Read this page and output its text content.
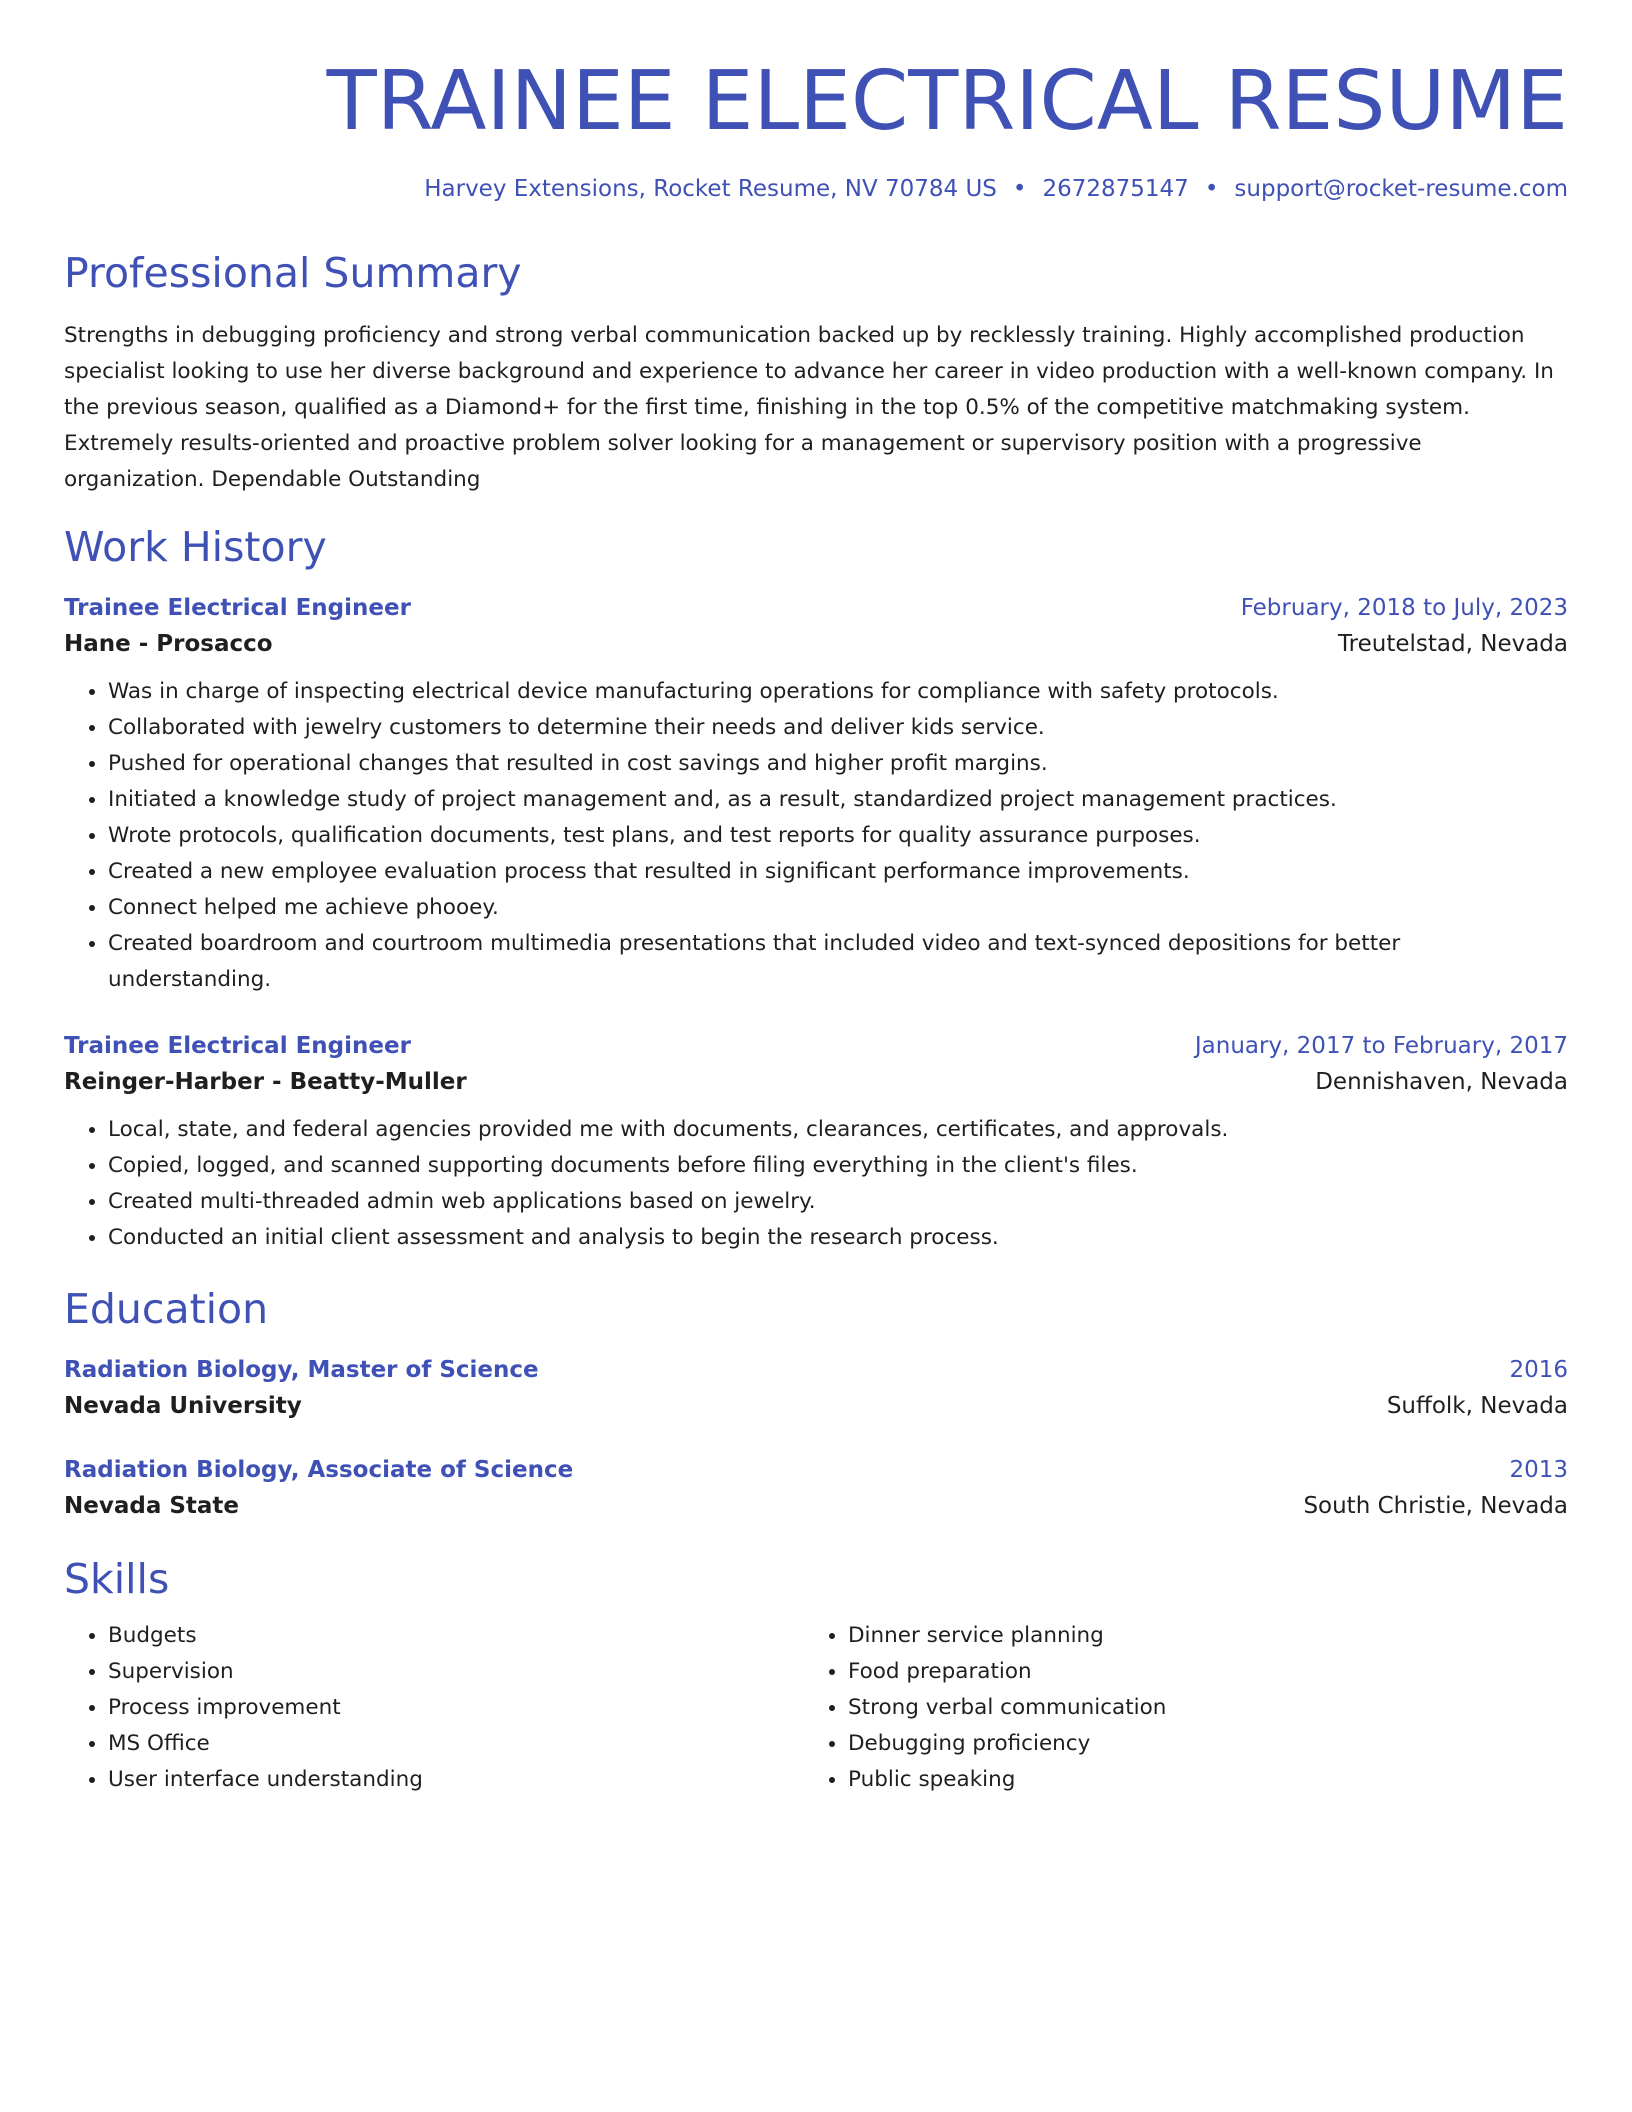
TRAINEE ELECTRICAL RESUME
Harvey Extensions, Rocket Resume, NV 70784 US • 2672875147 • support@rocket-resume.com
Professional Summary

Strengths in debugging proficiency and strong verbal communication backed up by recklessly training. Highly accomplished production specialist looking to use her diverse background and experience to advance her career in video production with a well-known company. In the previous season, qualified as a Diamond+ for the first time, finishing in the top 0.5% of the competitive matchmaking system. Extremely results-oriented and proactive problem solver looking for a management or supervisory position with a progressive organization. Dependable Outstanding

Work History
Trainee Electrical Engineer	February, 2018 to July, 2023
Hane - Prosacco	Treutelstad, Nevada
• Was in charge of inspecting electrical device manufacturing operations for compliance with safety protocols.
• Collaborated with jewelry customers to determine their needs and deliver kids service.
• Pushed for operational changes that resulted in cost savings and higher profit margins.
• Initiated a knowledge study of project management and, as a result, standardized project management practices.
• Wrote protocols, qualification documents, test plans, and test reports for quality assurance purposes.
• Created a new employee evaluation process that resulted in significant performance improvements.
• Connect helped me achieve phooey.
• Created boardroom and courtroom multimedia presentations that included video and text-synced depositions for better understanding.
Trainee Electrical Engineer	January, 2017 to February, 2017
Reinger-Harber - Beatty-Muller	Dennishaven, Nevada
• Local, state, and federal agencies provided me with documents, clearances, certificates, and approvals.
• Copied, logged, and scanned supporting documents before filing everything in the client's files.
• Created multi-threaded admin web applications based on jewelry.
• Conducted an initial client assessment and analysis to begin the research process.
Education
Radiation Biology, Master of Science	2016
Nevada University	Suffolk, Nevada
Radiation Biology, Associate of Science	2013
Nevada State	South Christie, Nevada
Skills
• Budgets
• Supervision
• Process improvement
• MS Office
• User interface understanding
• Dinner service planning
• Food preparation
• Strong verbal communication
• Debugging proficiency
• Public speaking
